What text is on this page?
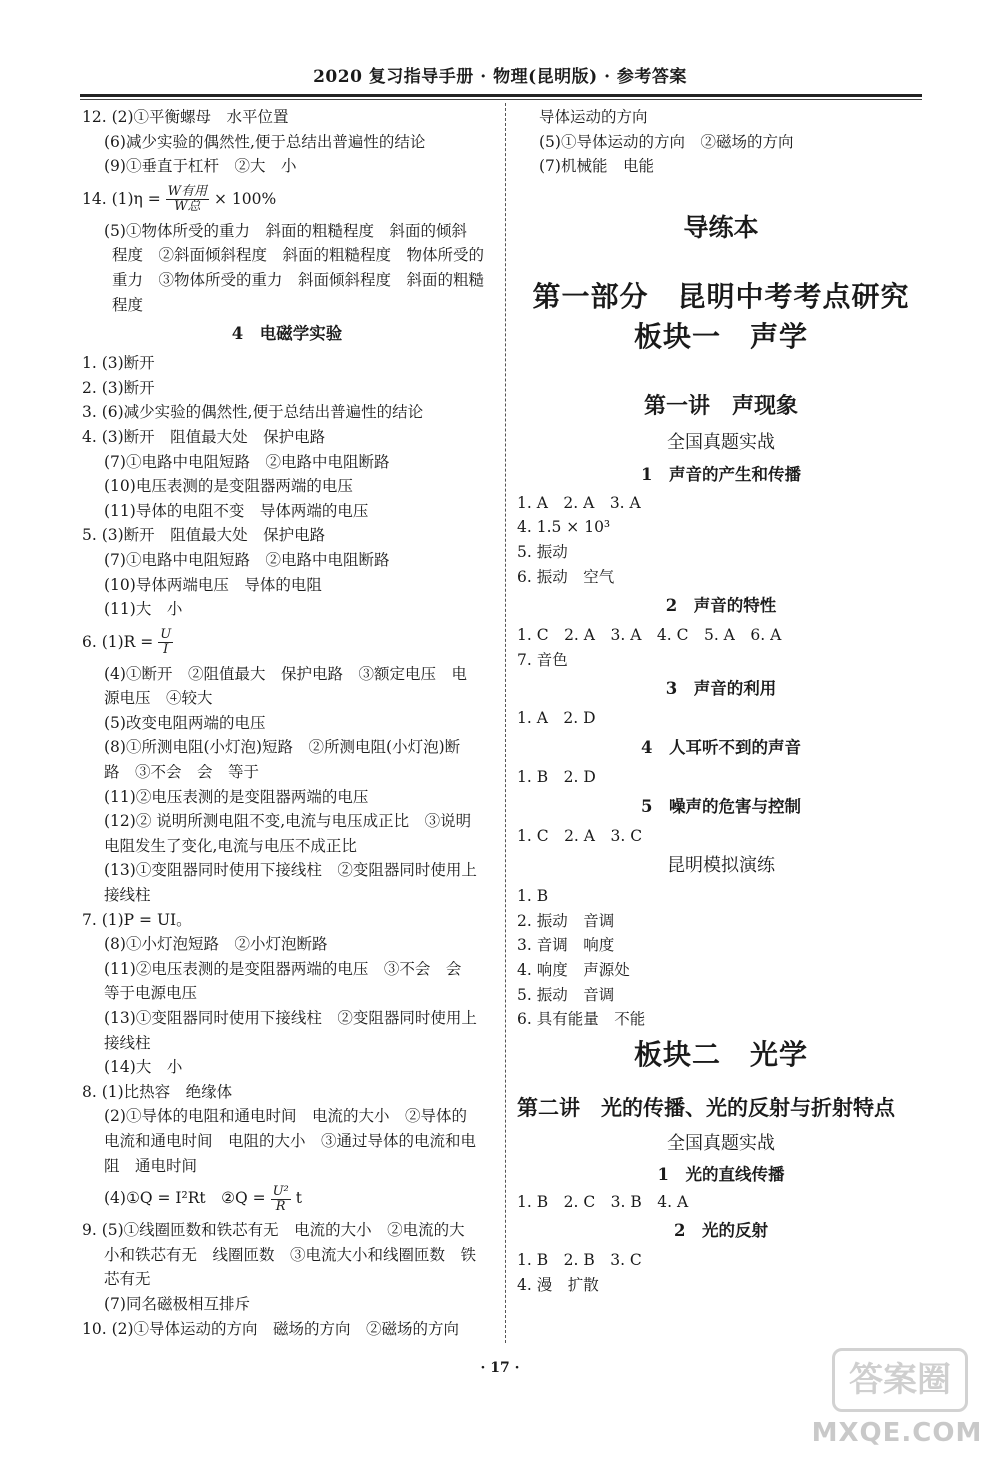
2020 复习指导手册 · 物理(昆明版) · 参考答案
12. (2)①平衡螺母　水平位置
(6)减少实验的偶然性,便于总结出普遍性的结论
(9)①垂直于杠杆　②大　小
14. $(1)\eta = \frac{\text{W有用}}{\text{W总}} \times 100\%$
(5)①物体所受的重力　斜面的粗糙程度　斜面的倾斜
程度　②斜面倾斜程度　斜面的粗糙程度　物体所受的
重力　③物体所受的重力　斜面倾斜程度　斜面的粗糙
程度
4　电磁学实验
1. (3)断开
2. (3)断开
3. (6)减少实验的偶然性,便于总结出普遍性的结论
4. (3)断开　阻值最大处　保护电路
(7)①电路中电阻短路　②电路中电阻断路
(10)电压表测的是变阻器两端的电压
(11)导体的电阻不变　导体两端的电压
5. (3)断开　阻值最大处　保护电路
(7)①电路中电阻短路　②电路中电阻断路
(10)导体两端电压　导体的电阻
(11)大　小
6. $(1)R = \frac{U}{I}$
(4)①断开　②阻值最大　保护电路　③额定电压　电
源电压　④较大
(5)改变电阻两端的电压
(8)①所测电阻(小灯泡)短路　②所测电阻(小灯泡)断
路　③不会　会　等于
(11)②电压表测的是变阻器两端的电压
(12)② 说明所测电阻不变,电流与电压成正比　③说明
电阻发生了变化,电流与电压不成正比
(13)①变阻器同时使用下接线柱　②变阻器同时使用上
接线柱
7. (1)P = UI。
(8)①小灯泡短路　②小灯泡断路
(11)②电压表测的是变阻器两端的电压　③不会　会
等于电源电压
(13)①变阻器同时使用下接线柱　②变阻器同时使用上
接线柱
(14)大　小
8. (1)比热容　绝缘体
(2)①导体的电阻和通电时间　电流的大小　②导体的
电流和通电时间　电阻的大小　③通过导体的电流和电
阻　通电时间
(4)①Q = I²Rt　②Q = $\frac{\text{U²}}{R}$ t
9. (5)①线圈匝数和铁芯有无　电流的大小　②电流的大
小和铁芯有无　线圈匝数　③电流大小和线圈匝数　铁
芯有无
(7)同名磁极相互排斥
10. (2)①导体运动的方向　磁场的方向　②磁场的方向
导体运动的方向
(5)①导体运动的方向　②磁场的方向
(7)机械能　电能
导练本
第一部分　昆明中考考点研究
板块一　声学
第一讲　声现象
全国真题实战
1　声音的产生和传播
1. A　2. A　3. A
4. 1.5 × 10³
5. 振动
6. 振动　空气
2　声音的特性
1. C　2. A　3. A　4. C　5. A　6. A
7. 音色
3　声音的利用
1. A　2. D
4　人耳听不到的声音
1. B　2. D
5　噪声的危害与控制
1. C　2. A　3. C
昆明模拟演练
1. B
2. 振动　音调
3. 音调　响度
4. 响度　声源处
5. 振动　音调
6. 具有能量　不能
板块二　光学
第二讲　光的传播、光的反射与折射特点
全国真题实战
1　光的直线传播
1. B　2. C　3. B　4. A
2　光的反射
1. B　2. B　3. C
4. 漫　扩散
· 17 ·	答案圈
MXQE.COM
